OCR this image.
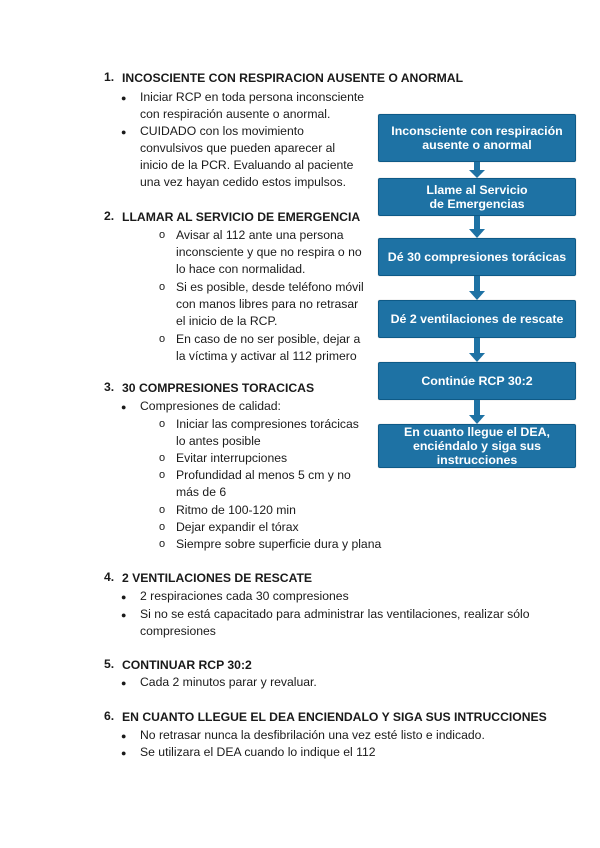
1. INCOSCIENTE CON RESPIRACION AUSENTE O ANORMAL
● Iniciar RCP en toda persona inconsciente
con respiración ausente o anormal.
● CUIDADO con los movimiento
convulsivos que pueden aparecer al
inicio de la PCR. Evaluando al paciente
una vez hayan cedido estos impulsos.
2. LLAMAR AL SERVICIO DE EMERGENCIA
o Avisar al 112 ante una persona
inconsciente y que no respira o no
lo hace con normalidad.
o Si es posible, desde teléfono móvil
con manos libres para no retrasar
el inicio de la RCP.
o En caso de no ser posible, dejar a
la víctima y activar al 112 primero
3. 30 COMPRESIONES TORACICAS
● Compresiones de calidad:
o Iniciar las compresiones torácicas
lo antes posible
o Evitar interrupciones
o Profundidad al menos 5 cm y no
más de 6
o Ritmo de 100-120 min
o Dejar expandir el tórax
o Siempre sobre superficie dura y plana
4. 2 VENTILACIONES DE RESCATE
● 2 respiraciones cada 30 compresiones
● Si no se está capacitado para administrar las ventilaciones, realizar sólo
compresiones
5. CONTINUAR RCP 30:2
● Cada 2 minutos parar y revaluar.
6. EN CUANTO LLEGUE EL DEA ENCIENDALO Y SIGA SUS INTRUCCIONES
● No retrasar nunca la desfibrilación una vez esté listo e indicado.
● Se utilizara el DEA cuando lo indique el 112
Inconsciente con respiración
ausente o anormal
Llame al Servicio
de Emergencias
Dé 30 compresiones torácicas
Dé 2 ventilaciones de rescate
Continúe RCP 30:2
En cuanto llegue el DEA,
enciéndalo y siga sus
instrucciones
